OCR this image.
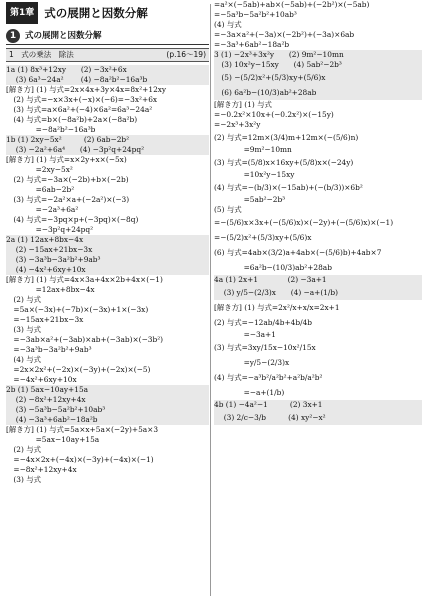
第1章 式の展開と因数分解
1	式の展開と因数分解
1　式の乗法　除法	(p.16〜19)
1a (1) 8x³+12xy　　(2) −3x²+6x
　 (3) 6a³−24a²　　 (4) −8a²b²−16a³b
[解き方] (1) 与式=2x×4x+3y×4x=8x²+12xy
　(2) 与式=−x×3x+(−x)×(−6)=−3x²+6x
　(3) 与式=a×6a²+(−4)×6a²=6a³−24a²
　(4) 与式=b×(−8a²b)+2a×(−8a²b)
　　　　=−8a²b²−16a³b
1b (1) 2xy−5x²　　　(2) 6ab−2b²
　 (3) −2a²+6a⁴　　(4) −3p²q+24pq²
[解き方] (1) 与式=x×2y+x×(−5x)
　　　　=2xy−5x²
　(2) 与式=−3a×(−2b)+b×(−2b)
　　　　=6ab−2b²
　(3) 与式=−2a²×a+(−2a²)×(−3)
　　　　=−2a³+6a²
　(4) 与式=−3pq×p+(−3pq)×(−8q)
　　　　=−3p²q+24pq²
2a (1) 12ax+8bx−4x
　 (2) −15ax+21bx−3x
　 (3) −3a³b−3a²b²+9ab³
　 (4) −4x²+6xy+10x
[解き方] (1) 与式=4x×3a+4x×2b+4x×(−1)
　　　　=12ax+8bx−4x
　(2) 与式
　=5a×(−3x)+(−7b)×(−3x)+1×(−3x)
　=−15ax+21bx−3x
　(3) 与式
　=−3ab×a²+(−3ab)×ab+(−3ab)×(−3b²)
　=−3a³b−3a²b²+9ab³
　(4) 与式
　=2x×2x²+(−2x)×(−3y)+(−2x)×(−5)
　=−4x²+6xy+10x
2b (1) 5ax−10ay+15a
　 (2) −8x²+12xy+4x
　 (3) −5a³b−5a²b²+10ab³
　 (4) −3a³+6ab²−18a²b
[解き方] (1) 与式=5a×x+5a×(−2y)+5a×3
　　　　=5ax−10ay+15a
　(2) 与式
　=−4x×2x+(−4x)×(−3y)+(−4x)×(−1)
　=−8x²+12xy+4x
　(3) 与式
=a²×(−5ab)+ab×(−5ab)+(−2b²)×(−5ab)
=−5a³b−5a²b²+10ab³
(4) 与式
=−3a×a²+(−3a)×(−2b²)+(−3a)×6ab
=−3a³+6ab²−18a²b
3 (1) −2x³+3x²y　　(2) 9m²−10mn
　(3) 10x²y−15xy　　(4) 5ab²−2b³
　(5) −(5/2)x²+(5/3)xy+(5/6)x
　(6) 6a²b−(10/3)ab²+28ab
[解き方] (1) 与式
=−0.2x²×10x+(−0.2x²)×(−15y)
=−2x³+3x²y
(2) 与式=12m×(3/4)m+12m×(−(5/6)n)
　　　　=9m²−10mn
(3) 与式=(5/8)x×16xy+(5/8)x×(−24y)
　　　　=10x²y−15xy
(4) 与式=−(b/3)×(−15ab)+(−(b/3))×6b²
　　　　=5ab²−2b³
(5) 与式
=−(5/6)x×3x+(−(5/6)x)×(−2y)+(−(5/6)x)×(−1)
=−(5/2)x²+(5/3)xy+(5/6)x
(6) 与式=4ab×(3/2)a+4ab×(−(5/6)b)+4ab×7
　　　　=6a²b−(10/3)ab²+28ab
4a (1) 2x+1　　　　(2) −3a+1
　 (3) y/5−(2/3)x　　(4) −a+(1/b)
[解き方] (1) 与式=2x²/x+x/x=2x+1
(2) 与式=−12ab/4b+4b/4b
　　　　=−3a+1
(3) 与式=3xy/15x−10x²/15x
　　　　=y/5−(2/3)x
(4) 与式=−a³b²/a²b²+a²b/a²b²
　　　　=−a+(1/b)
4b (1) −4a²−1　　　(2) 3x+1
　 (3) 2/c−3/b　　　(4) xy²−x²
